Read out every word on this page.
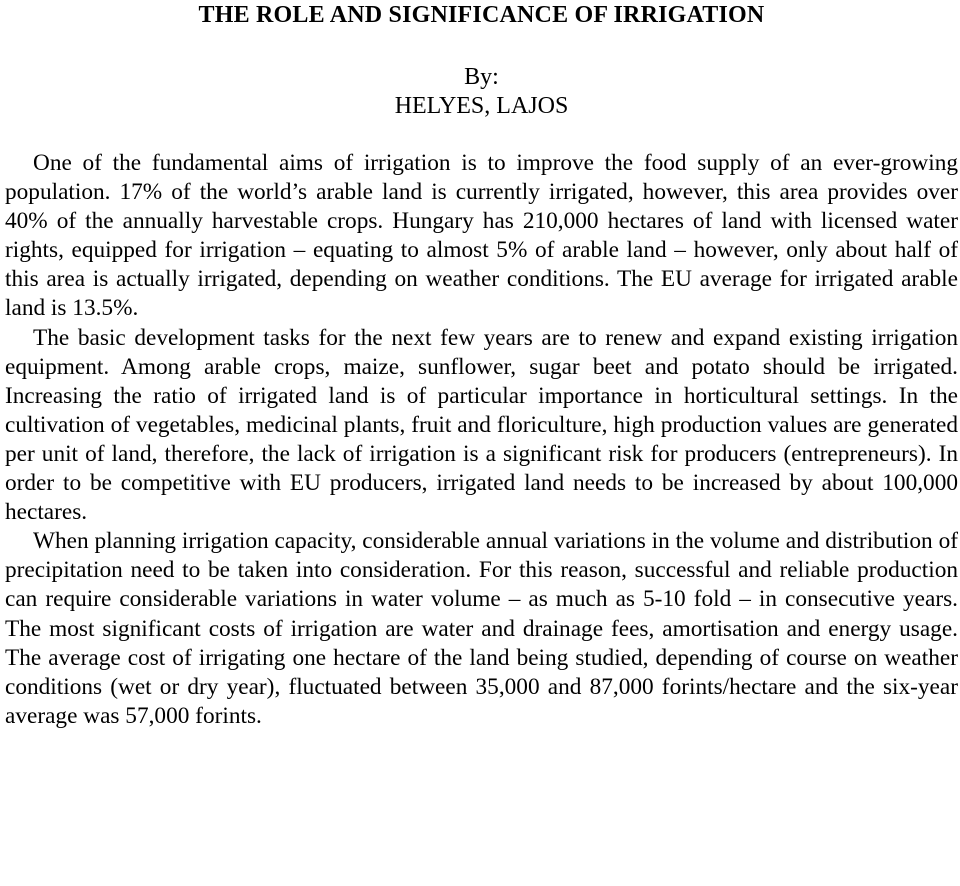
THE ROLE AND SIGNIFICANCE OF IRRIGATION
By:
HELYES, LAJOS

One of the fundamental aims of irrigation is to improve the food supply of an ever-growing population. 17% of the world’s arable land is currently irrigated, however, this area provides over 40% of the annually harvestable crops. Hungary has 210,000 hectares of land with licensed water rights, equipped for irrigation – equating to almost 5% of arable land – however, only about half of this area is actually irrigated, depending on weather conditions. The EU average for irrigated arable land is 13.5%.

The basic development tasks for the next few years are to renew and expand existing irrigation equipment. Among arable crops, maize, sunflower, sugar beet and potato should be irrigated. Increasing the ratio of irrigated land is of particular importance in horticultural settings. In the cultivation of vegetables, medicinal plants, fruit and floriculture, high production values are generated per unit of land, therefore, the lack of irrigation is a significant risk for producers (entrepreneurs). In order to be competitive with EU producers, irrigated land needs to be increased by about 100,000 hectares.

When planning irrigation capacity, considerable annual variations in the volume and distribution of precipitation need to be taken into consideration. For this reason, successful and reliable production can require considerable variations in water volume – as much as 5-10 fold – in consecutive years. The most significant costs of irrigation are water and drainage fees, amortisation and energy usage. The average cost of irrigating one hectare of the land being studied, depending of course on weather conditions (wet or dry year), fluctuated between 35,000 and 87,000 forints/hectare and the six-year average was 57,000 forints.
